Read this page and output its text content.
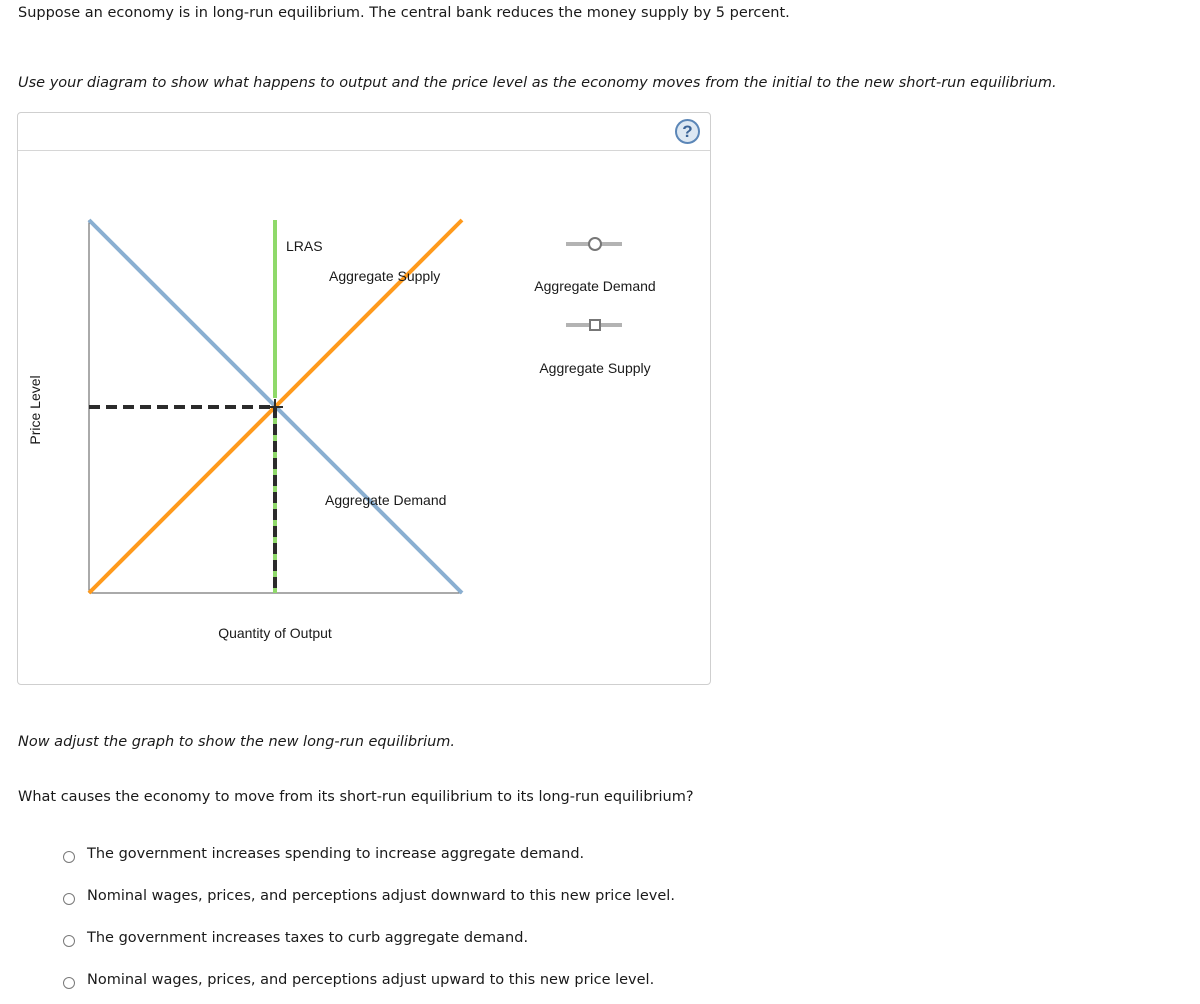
Suppose an economy is in long-run equilibrium. The central bank reduces the money supply by 5 percent.

Use your diagram to show what happens to output and the price level as the economy moves from the initial to the new short-run equilibrium.

?
Price Level
Quantity of Output
LRAS
Aggregate Supply
Aggregate Demand
Aggregate Demand
Aggregate Supply

Now adjust the graph to show the new long-run equilibrium.

What causes the economy to move from its short-run equilibrium to its long-run equilibrium?

The government increases spending to increase aggregate demand.
Nominal wages, prices, and perceptions adjust downward to this new price level.
The government increases taxes to curb aggregate demand.
Nominal wages, prices, and perceptions adjust upward to this new price level.
